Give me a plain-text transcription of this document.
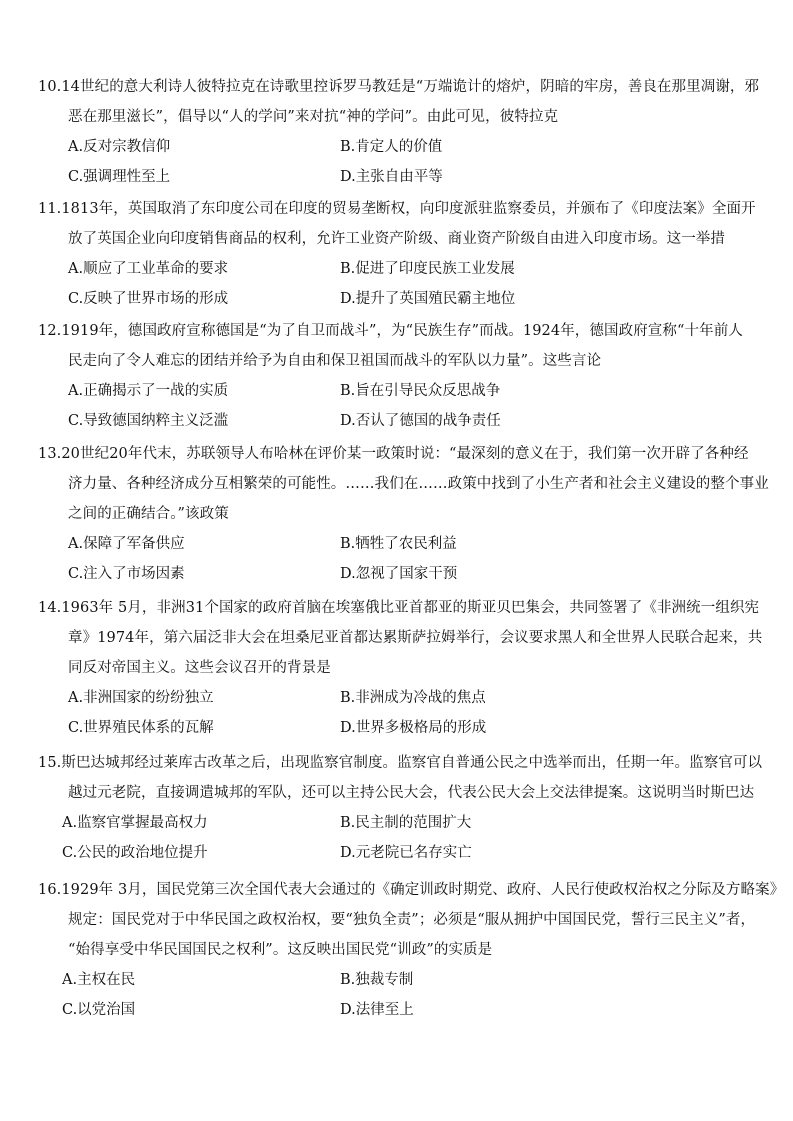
10.14世纪的意大利诗人彼特拉克在诗歌里控诉罗马教廷是“万端诡计的熔炉，阴暗的牢房，善良在那里凋谢，邪
恶在那里滋长”，倡导以“人的学问”来对抗“神的学问”。由此可见，彼特拉克

A.反对宗教信仰	B.肯定人的价值
C.强调理性至上	D.主张自由平等

11.1813年，英国取消了东印度公司在印度的贸易垄断权，向印度派驻监察委员，并颁布了《印度法案》全面开
放了英国企业向印度销售商品的权利，允许工业资产阶级、商业资产阶级自由进入印度市场。这一举措

A.顺应了工业革命的要求	B.促进了印度民族工业发展
C.反映了世界市场的形成	D.提升了英国殖民霸主地位

12.1919年，德国政府宣称德国是“为了自卫而战斗”，为“民族生存”而战。1924年，德国政府宣称“十年前人
民走向了令人难忘的团结并给予为自由和保卫祖国而战斗的军队以力量”。这些言论

A.正确揭示了一战的实质	B.旨在引导民众反思战争
C.导致德国纳粹主义泛滥	D.否认了德国的战争责任

13.20世纪20年代末，苏联领导人布哈林在评价某一政策时说：“最深刻的意义在于，我们第一次开辟了各种经
济力量、各种经济成分互相繁荣的可能性。……我们在……政策中找到了小生产者和社会主义建设的整个事业
之间的正确结合。”该政策

A.保障了军备供应	B.牺牲了农民利益
C.注入了市场因素	D.忽视了国家干预

14.1963年 5月，非洲31个国家的政府首脑在埃塞俄比亚首都亚的斯亚贝巴集会，共同签署了《非洲统一组织宪
章》1974年，第六届泛非大会在坦桑尼亚首都达累斯萨拉姆举行，会议要求黑人和全世界人民联合起来，共
同反对帝国主义。这些会议召开的背景是

A.非洲国家的纷纷独立	B.非洲成为冷战的焦点
C.世界殖民体系的瓦解	D.世界多极格局的形成

15.斯巴达城邦经过莱库古改革之后，出现监察官制度。监察官自普通公民之中选举而出，任期一年。监察官可以
越过元老院，直接调遣城邦的军队，还可以主持公民大会，代表公民大会上交法律提案。这说明当时斯巴达

A.监察官掌握最高权力	B.民主制的范围扩大
C.公民的政治地位提升	D.元老院已名存实亡

16.1929年 3月，国民党第三次全国代表大会通过的《确定训政时期党、政府、人民行使政权治权之分际及方略案》
规定：国民党对于中华民国之政权治权，要“独负全责”；必须是“服从拥护中国国民党，誓行三民主义”者，
“始得享受中华民国国民之权利”。这反映出国民党“训政”的实质是

A.主权在民	B.独裁专制
C.以党治国	D.法律至上
